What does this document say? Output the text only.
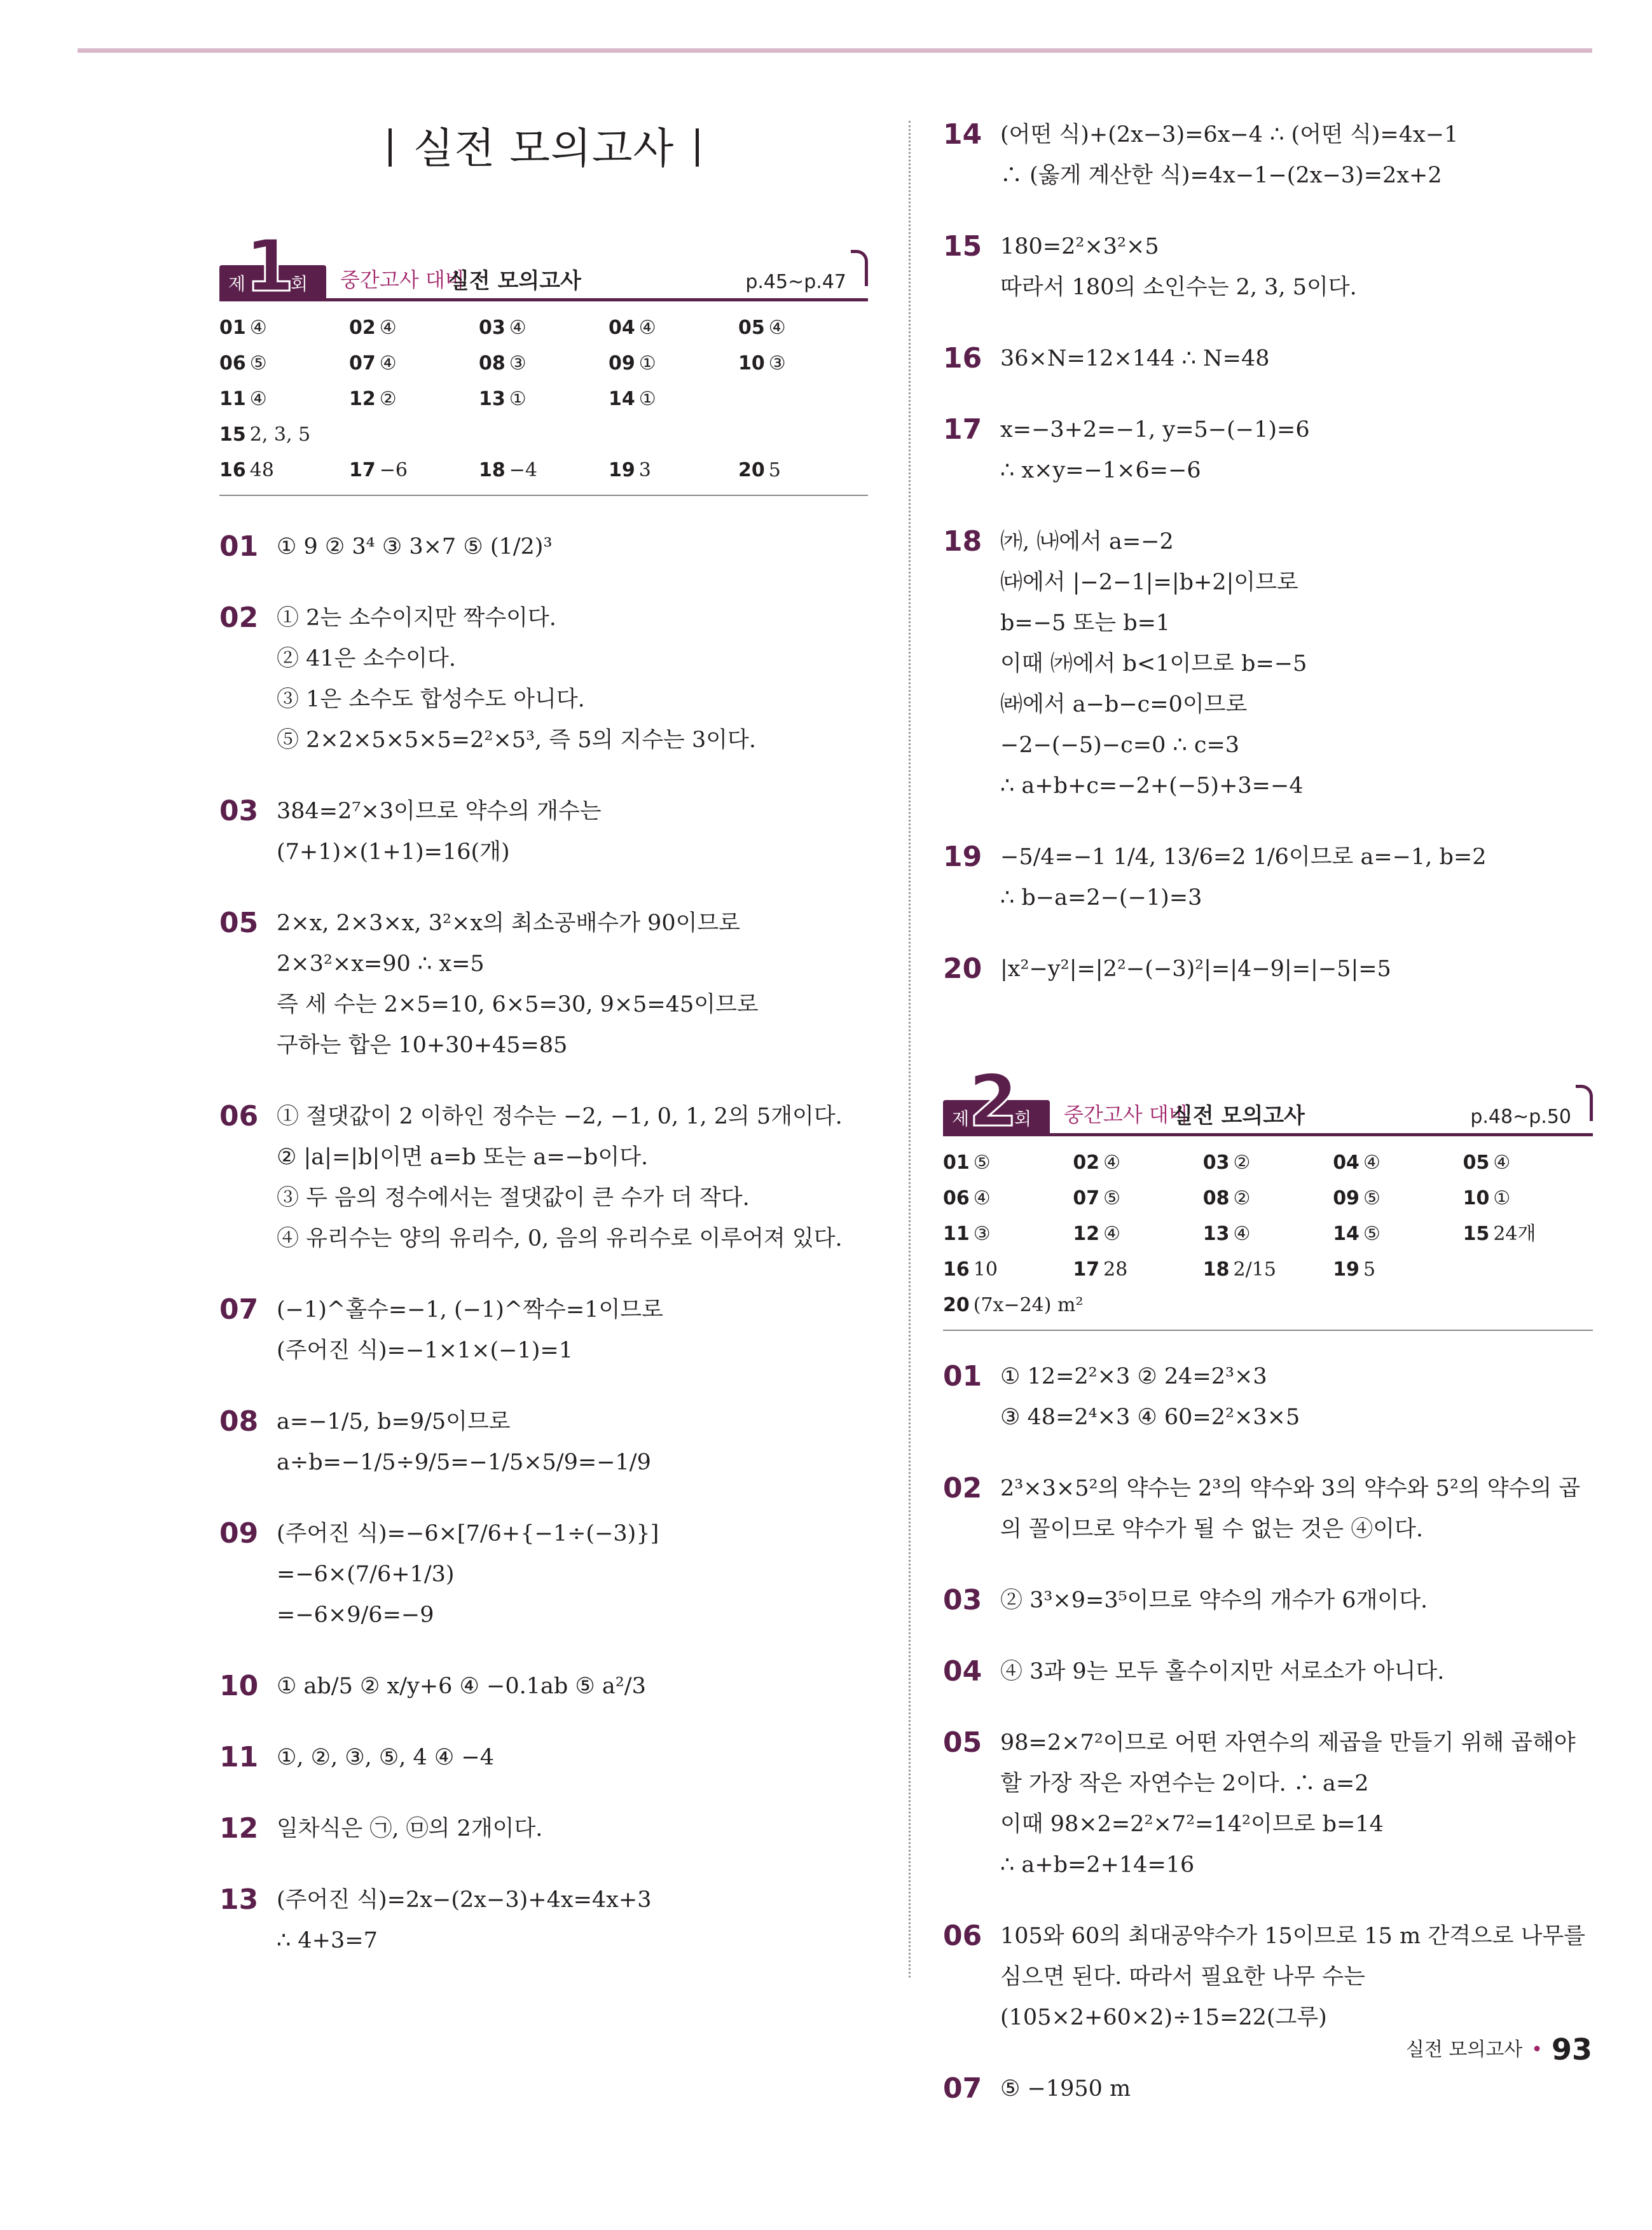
실전 모의고사
제
1
회 중간고사 대비
실전 모의고사	p.45~p.47
01 ④	02 ④	03 ④	04 ④	05 ④
06 ⑤	07 ④	08 ③	09 ①	10 ③
11 ④	12 ②	13 ①	14 ①
15 2, 3, 5
16 48	17 −6	18 −4	19 3	20 5
01 ① 9 ② 3⁴ ③ 3×7 ⑤ (1/2)³
02 ① 2는 소수이지만 짝수이다.
② 41은 소수이다.
③ 1은 소수도 합성수도 아니다.
⑤ 2×2×5×5×5=2²×5³, 즉 5의 지수는 3이다.
03 384=2⁷×3이므로 약수의 개수는
(7+1)×(1+1)=16(개)
05 2×x, 2×3×x, 3²×x의 최소공배수가 90이므로
2×3²×x=90 ∴ x=5
즉 세 수는 2×5=10, 6×5=30, 9×5=45이므로
구하는 합은 10+30+45=85
06 ① 절댓값이 2 이하인 정수는 −2, −1, 0, 1, 2의 5개이다.
② |a|=|b|이면 a=b 또는 a=−b이다.
③ 두 음의 정수에서는 절댓값이 큰 수가 더 작다.
④ 유리수는 양의 유리수, 0, 음의 유리수로 이루어져 있다.
07 (−1)^홀수=−1, (−1)^짝수=1이므로
(주어진 식)=−1×1×(−1)=1
08 a=−1/5, b=9/5이므로
a÷b=−1/5÷9/5=−1/5×5/9=−1/9
09 (주어진 식)=−6×[7/6+{−1÷(−3)}]
=−6×(7/6+1/3)
=−6×9/6=−9
10 ① ab/5 ② x/y+6 ④ −0.1ab ⑤ a²/3
11 ①, ②, ③, ⑤, 4 ④ −4
12 일차식은 ㉠, ㉤의 2개이다.
13 (주어진 식)=2x−(2x−3)+4x=4x+3
∴ 4+3=7
14 (어떤 식)+(2x−3)=6x−4 ∴ (어떤 식)=4x−1
∴ (옳게 계산한 식)=4x−1−(2x−3)=2x+2
15 180=2²×3²×5
따라서 180의 소인수는 2, 3, 5이다.
16 36×N=12×144 ∴ N=48
17 x=−3+2=−1, y=5−(−1)=6
∴ x×y=−1×6=−6
18 ㈎, ㈏에서 a=−2
㈐에서 |−2−1|=|b+2|이므로
b=−5 또는 b=1
이때 ㈎에서 b<1이므로 b=−5
㈑에서 a−b−c=0이므로
−2−(−5)−c=0 ∴ c=3
∴ a+b+c=−2+(−5)+3=−4
19 −5/4=−1 1/4, 13/6=2 1/6이므로 a=−1, b=2
∴ b−a=2−(−1)=3
20 |x²−y²|=|2²−(−3)²|=|4−9|=|−5|=5
제
2
회 중간고사 대비
실전 모의고사	p.48~p.50
01 ⑤	02 ④	03 ②	04 ④	05 ④
06 ④	07 ⑤	08 ②	09 ⑤	10 ①
11 ③	12 ④	13 ④	14 ⑤	15 24개
16 10	17 28	18 2/15	19 5
20 (7x−24) m²
01 ① 12=2²×3 ② 24=2³×3
③ 48=2⁴×3 ④ 60=2²×3×5
02 2³×3×5²의 약수는 2³의 약수와 3의 약수와 5²의 약수의 곱
의 꼴이므로 약수가 될 수 없는 것은 ④이다.
03 ② 3³×9=3⁵이므로 약수의 개수가 6개이다.
04 ④ 3과 9는 모두 홀수이지만 서로소가 아니다.
05 98=2×7²이므로 어떤 자연수의 제곱을 만들기 위해 곱해야
할 가장 작은 자연수는 2이다. ∴ a=2
이때 98×2=2²×7²=14²이므로 b=14
∴ a+b=2+14=16
06 105와 60의 최대공약수가 15이므로 15 m 간격으로 나무를
심으면 된다. 따라서 필요한 나무 수는
(105×2+60×2)÷15=22(그루)
07 ⑤ −1950 m
실전 모의고사 • 93
